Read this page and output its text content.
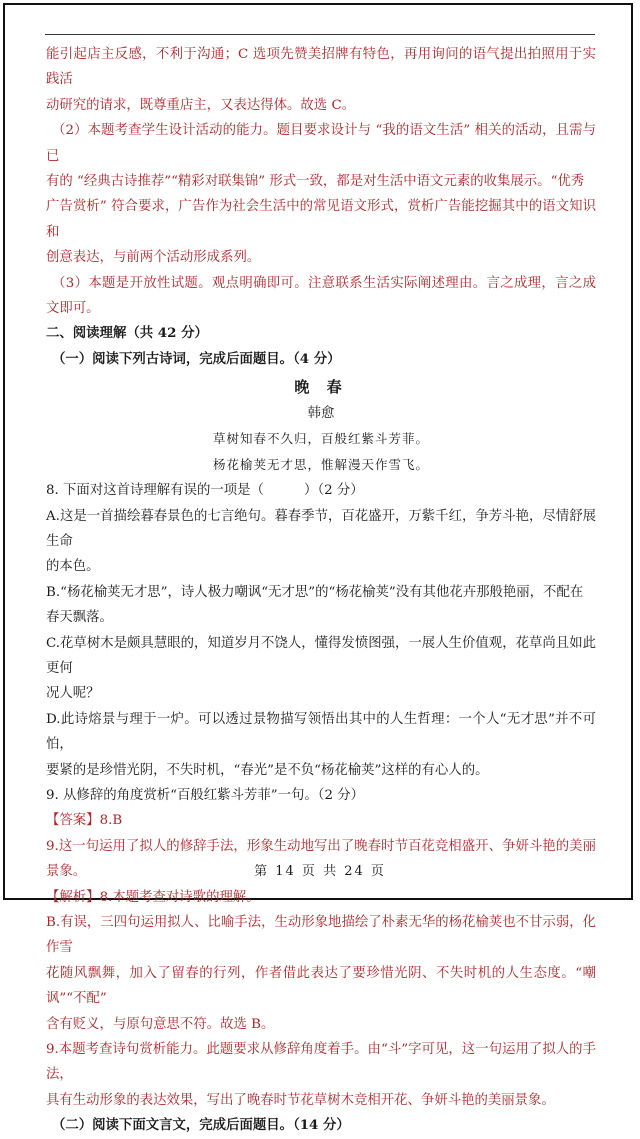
能引起店主反感，不利于沟通；C 选项先赞美招牌有特色，再用询问的语气提出拍照用于实践活

动研究的请求，既尊重店主，又表达得体。故选 C。

（2）本题考查学生设计活动的能力。题目要求设计与 “我的语文生活” 相关的活动，且需与已

有的 “经典古诗推荐”“精彩对联集锦” 形式一致，都是对生活中语文元素的收集展示。“优秀

广告赏析” 符合要求，广告作为社会生活中的常见语文形式，赏析广告能挖掘其中的语文知识和

创意表达，与前两个活动形成系列。

（3）本题是开放性试题。观点明确即可。注意联系生活实际阐述理由。言之成理，言之成文即可。

二、阅读理解（共 42 分）

（一）阅读下列古诗词，完成后面题目。（4 分）

晚 春

韩愈

草树知春不久归，百般红紫斗芳菲。

杨花榆荚无才思，惟解漫天作雪飞。

8. 下面对这首诗理解有误的一项是（　　　）（2 分）

A.这是一首描绘暮春景色的七言绝句。暮春季节，百花盛开，万紫千红，争芳斗艳，尽情舒展生命

的本色。

B.“杨花榆荚无才思”，诗人极力嘲讽“无才思”的“杨花榆荚”没有其他花卉那般艳丽，不配在

春天飘落。

C.花草树木是颇具慧眼的，知道岁月不饶人，懂得发愤图强，一展人生价值观，花草尚且如此更何

况人呢？

D.此诗熔景与理于一炉。可以透过景物描写领悟出其中的人生哲理：一个人“无才思”并不可怕，

要紧的是珍惜光阴，不失时机，“春光”是不负“杨花榆荚”这样的有心人的。

9. 从修辞的角度赏析“百般红紫斗芳菲”一句。（2 分）

【答案】8.B

9.这一句运用了拟人的修辞手法，形象生动地写出了晚春时节百花竞相盛开、争妍斗艳的美丽景象。

【解析】8.本题考查对诗歌的理解。

B.有误，三四句运用拟人、比喻手法，生动形象地描绘了朴素无华的杨花榆荚也不甘示弱，化作雪

花随风飘舞，加入了留春的行列，作者借此表达了要珍惜光阴、不失时机的人生态度。“嘲讽”“不配”

含有贬义，与原句意思不符。故选 B。

9.本题考查诗句赏析能力。此题要求从修辞角度着手。由“斗”字可见，这一句运用了拟人的手法，

具有生动形象的表达效果，写出了晚春时节花草树木竞相开花、争妍斗艳的美丽景象。

（二）阅读下面文言文，完成后面题目。（14 分）

第 14 页 共 24 页
